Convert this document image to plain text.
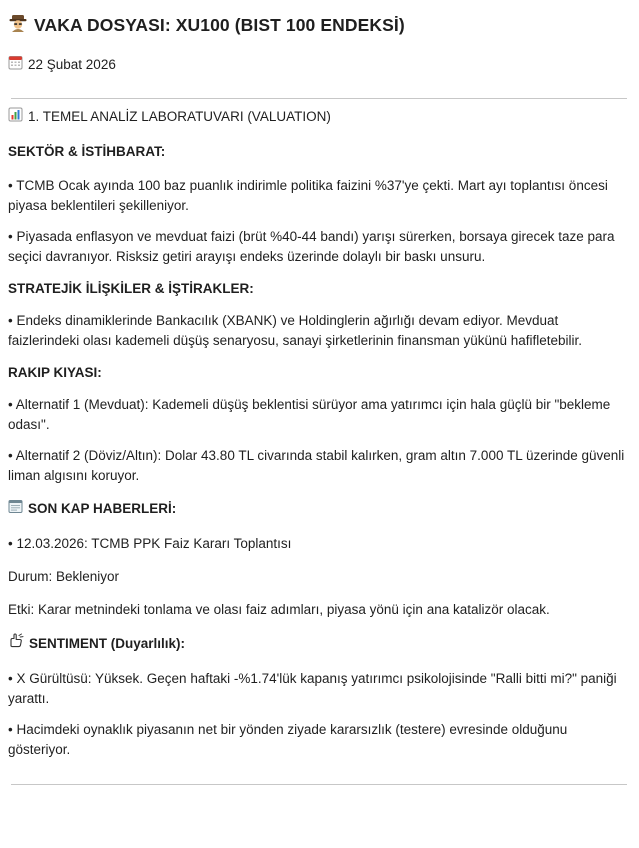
VAKA DOSYASI: XU100 (BIST 100 ENDEKSİ)
22 Şubat 2026
1. TEMEL ANALİZ LABORATUVARI (VALUATION)
SEKTÖR & İSTİHBARAT:

• TCMB Ocak ayında 100 baz puanlık indirimle politika faizini %37'ye çekti. Mart ayı toplantısı öncesi piyasa beklentileri şekilleniyor.

• Piyasada enflasyon ve mevduat faizi (brüt %40-44 bandı) yarışı sürerken, borsaya girecek taze para seçici davranıyor. Risksiz getiri arayışı endeks üzerinde dolaylı bir baskı unsuru.

STRATEJİK İLİŞKİLER & İŞTİRAKLER:

• Endeks dinamiklerinde Bankacılık (XBANK) ve Holdinglerin ağırlığı devam ediyor. Mevduat faizlerindeki olası kademeli düşüş senaryosu, sanayi şirketlerinin finansman yükünü hafifletebilir.

RAKIP KIYASI:

• Alternatif 1 (Mevduat): Kademeli düşüş beklentisi sürüyor ama yatırımcı için hala güçlü bir "bekleme odası".

• Alternatif 2 (Döviz/Altın): Dolar 43.80 TL civarında stabil kalırken, gram altın 7.000 TL üzerinde güvenli liman algısını koruyor.

SON KAP HABERLERİ:

• 12.03.2026: TCMB PPK Faiz Kararı Toplantısı

Durum: Bekleniyor

Etki: Karar metnindeki tonlama ve olası faiz adımları, piyasa yönü için ana katalizör olacak.

SENTIMENT (Duyarlılık):

• X Gürültüsü: Yüksek. Geçen haftaki -%1.74'lük kapanış yatırımcı psikolojisinde "Ralli bitti mi?" paniği yarattı.

• Hacimdeki oynaklık piyasanın net bir yönden ziyade kararsızlık (testere) evresinde olduğunu gösteriyor.
